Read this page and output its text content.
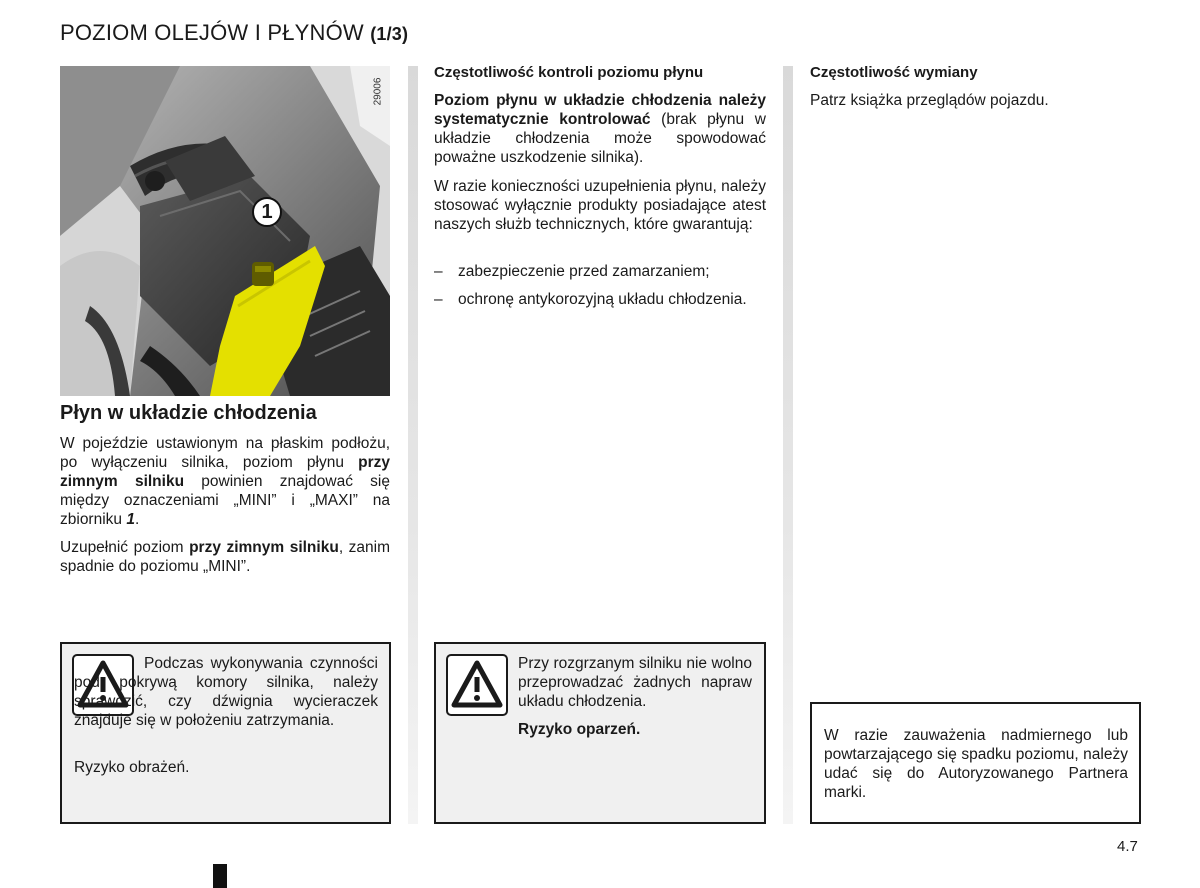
POZIOM OLEJÓW I PŁYNÓW (1/3)
29006
1
Płyn w układzie chłodzenia
W pojeździe ustawionym na płaskim podłożu, po wyłączeniu silnika, poziom płynu przy zimnym silniku powinien znajdować się między oznaczeniami „MINI” i „MAXI” na zbiorniku 1.
Uzupełnić poziom przy zimnym silniku, zanim spadnie do poziomu „MINI”.
Podczas wykonywania czynności pod pokrywą komory silnika, należy sprawdzić, czy dźwignia wycieraczek znajduje się w położeniu zatrzymania.
Ryzyko obrażeń.
Częstotliwość kontroli poziomu płynu
Poziom płynu w układzie chłodzenia należy systematycznie kontrolować (brak płynu w układzie chłodzenia może spowodować poważne uszkodzenie silnika).
W razie konieczności uzupełnienia płynu, należy stosować wyłącznie produkty posiadające atest naszych służb technicznych, które gwarantują:
– zabezpieczenie przed zamarzaniem;
– ochronę antykorozyjną układu chłodzenia.
Przy rozgrzanym silniku nie wolno przeprowadzać żadnych napraw układu chłodzenia.
Ryzyko oparzeń.
Częstotliwość wymiany
Patrz książka przeglądów pojazdu.
W razie zauważenia nadmiernego lub powtarzającego się spadku poziomu, należy udać się do Autoryzowanego Partnera marki.
4.7
